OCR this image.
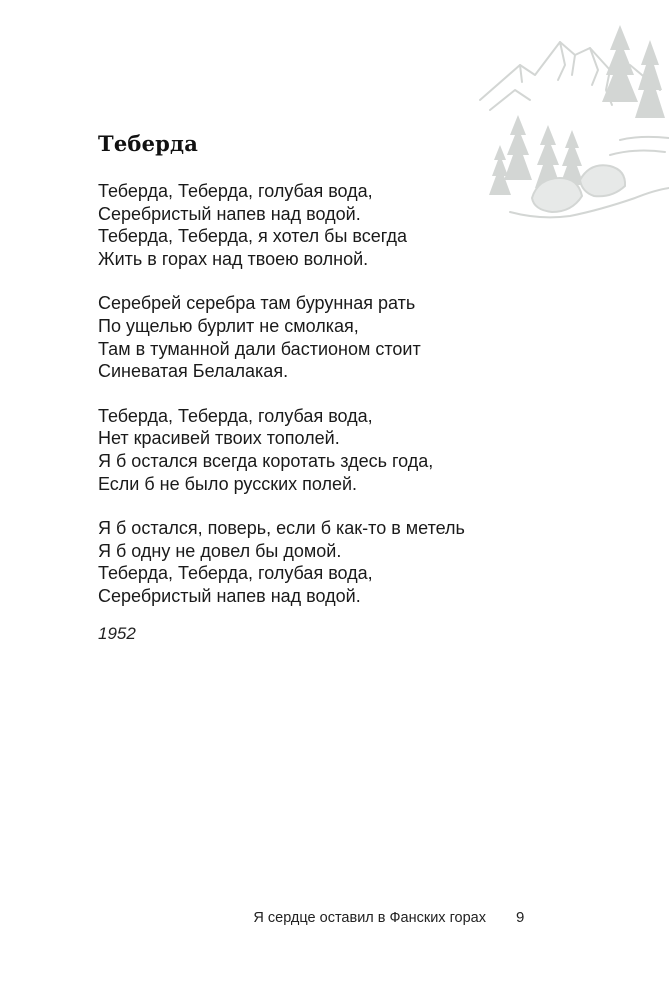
Теберда
Теберда, Теберда, голубая вода,
Серебристый напев над водой.
Теберда, Теберда, я хотел бы всегда
Жить в горах над твоею волной.
Серебрей серебра там бурунная рать
По ущелью бурлит не смолкая,
Там в туманной дали бастионом стоит
Синеватая Белалакая.
Теберда, Теберда, голубая вода,
Нет красивей твоих тополей.
Я б остался всегда коротать здесь года,
Если б не было русских полей.
Я б остался, поверь, если б как-то в метель
Я б одну не довел бы домой.
Теберда, Теберда, голубая вода,
Серебристый напев над водой.
1952
Я сердце оставил в Фанских горах 9
